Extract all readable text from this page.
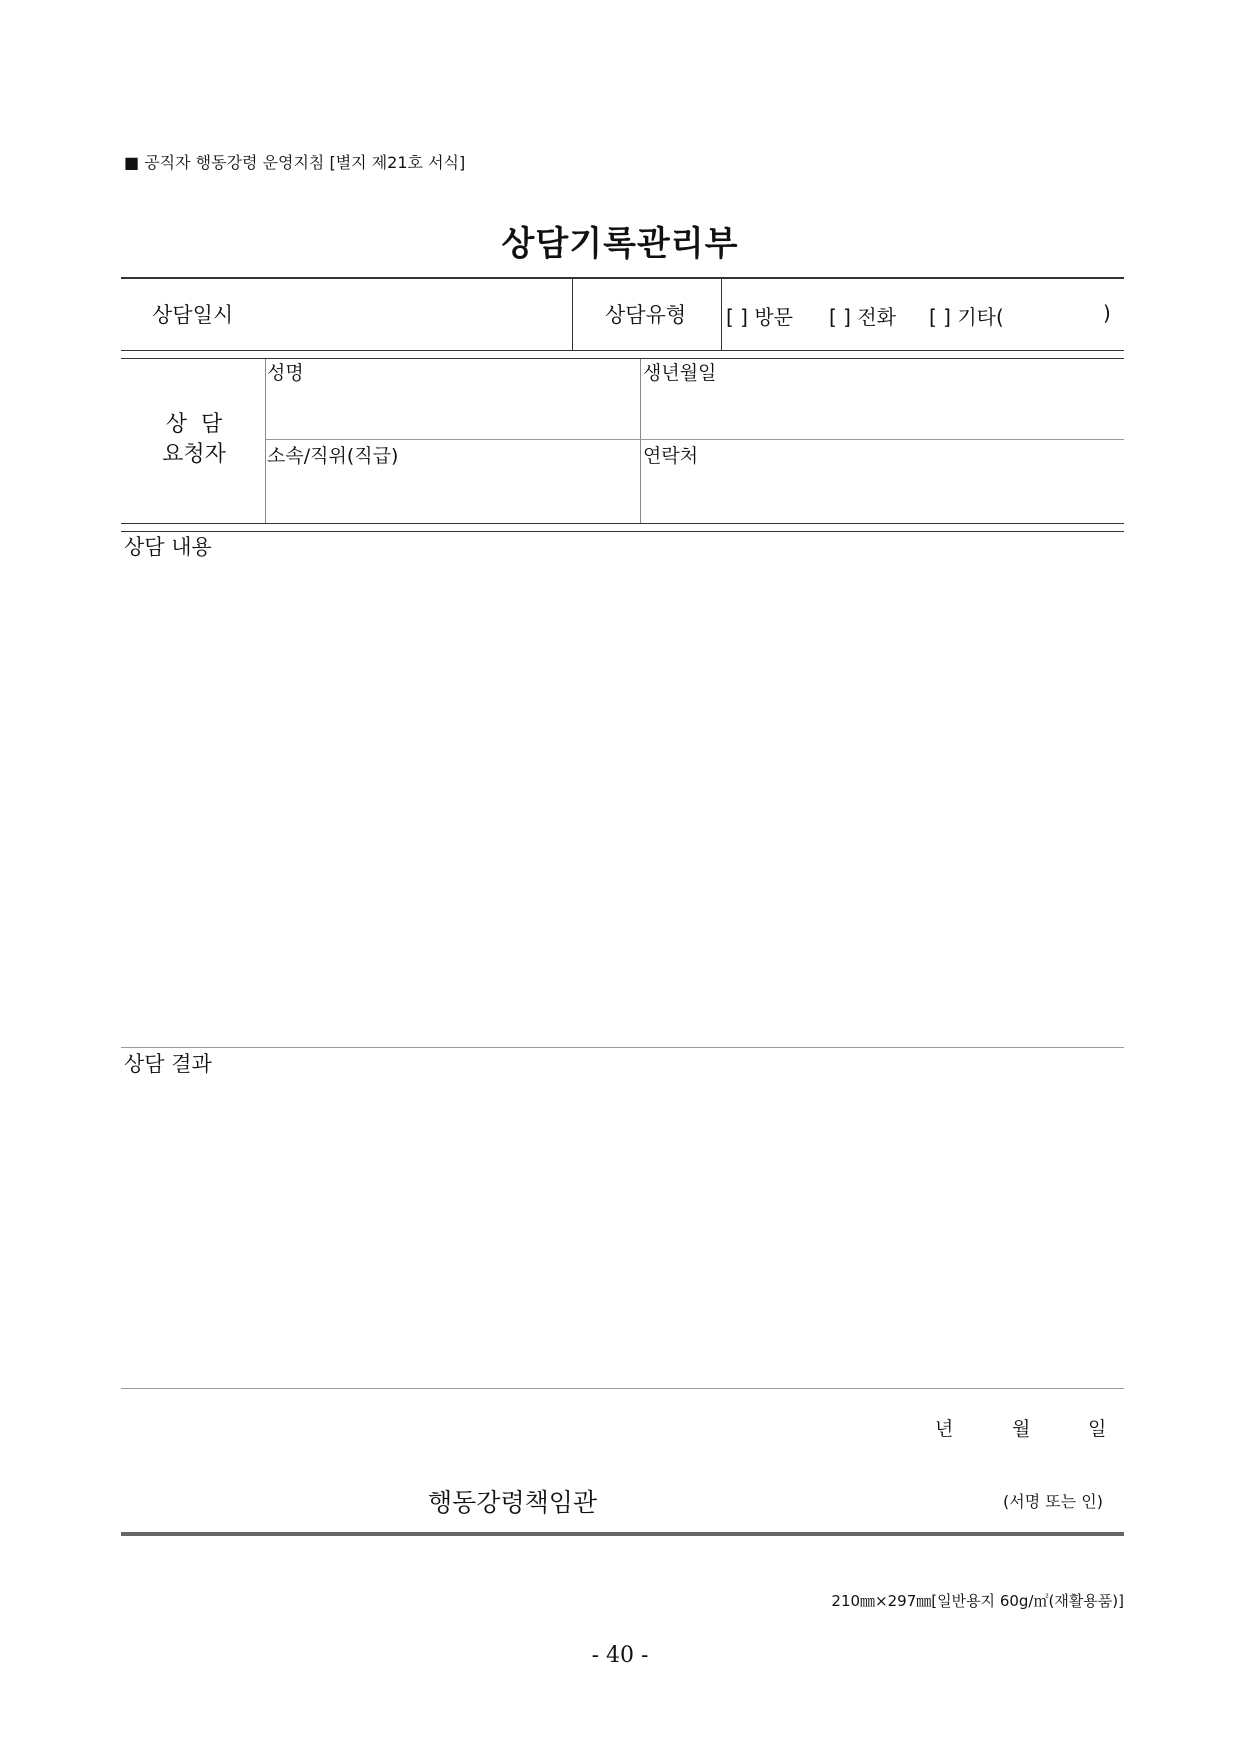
■ 공직자 행동강령 운영지침 [별지 제21호 서식]
상담기록관리부
상담일시	상담유형 [ ] 방문 [ ] 전화 [ ] 기타(	)
상  담
요청자
성명	생년월일
소속/직위(직급)	연락처
상담 내용
상담 결과
년	월	일
행동강령책임관	(서명 또는 인)
210㎜×297㎜[일반용지 60g/㎡(재활용품)]
- 40 -
